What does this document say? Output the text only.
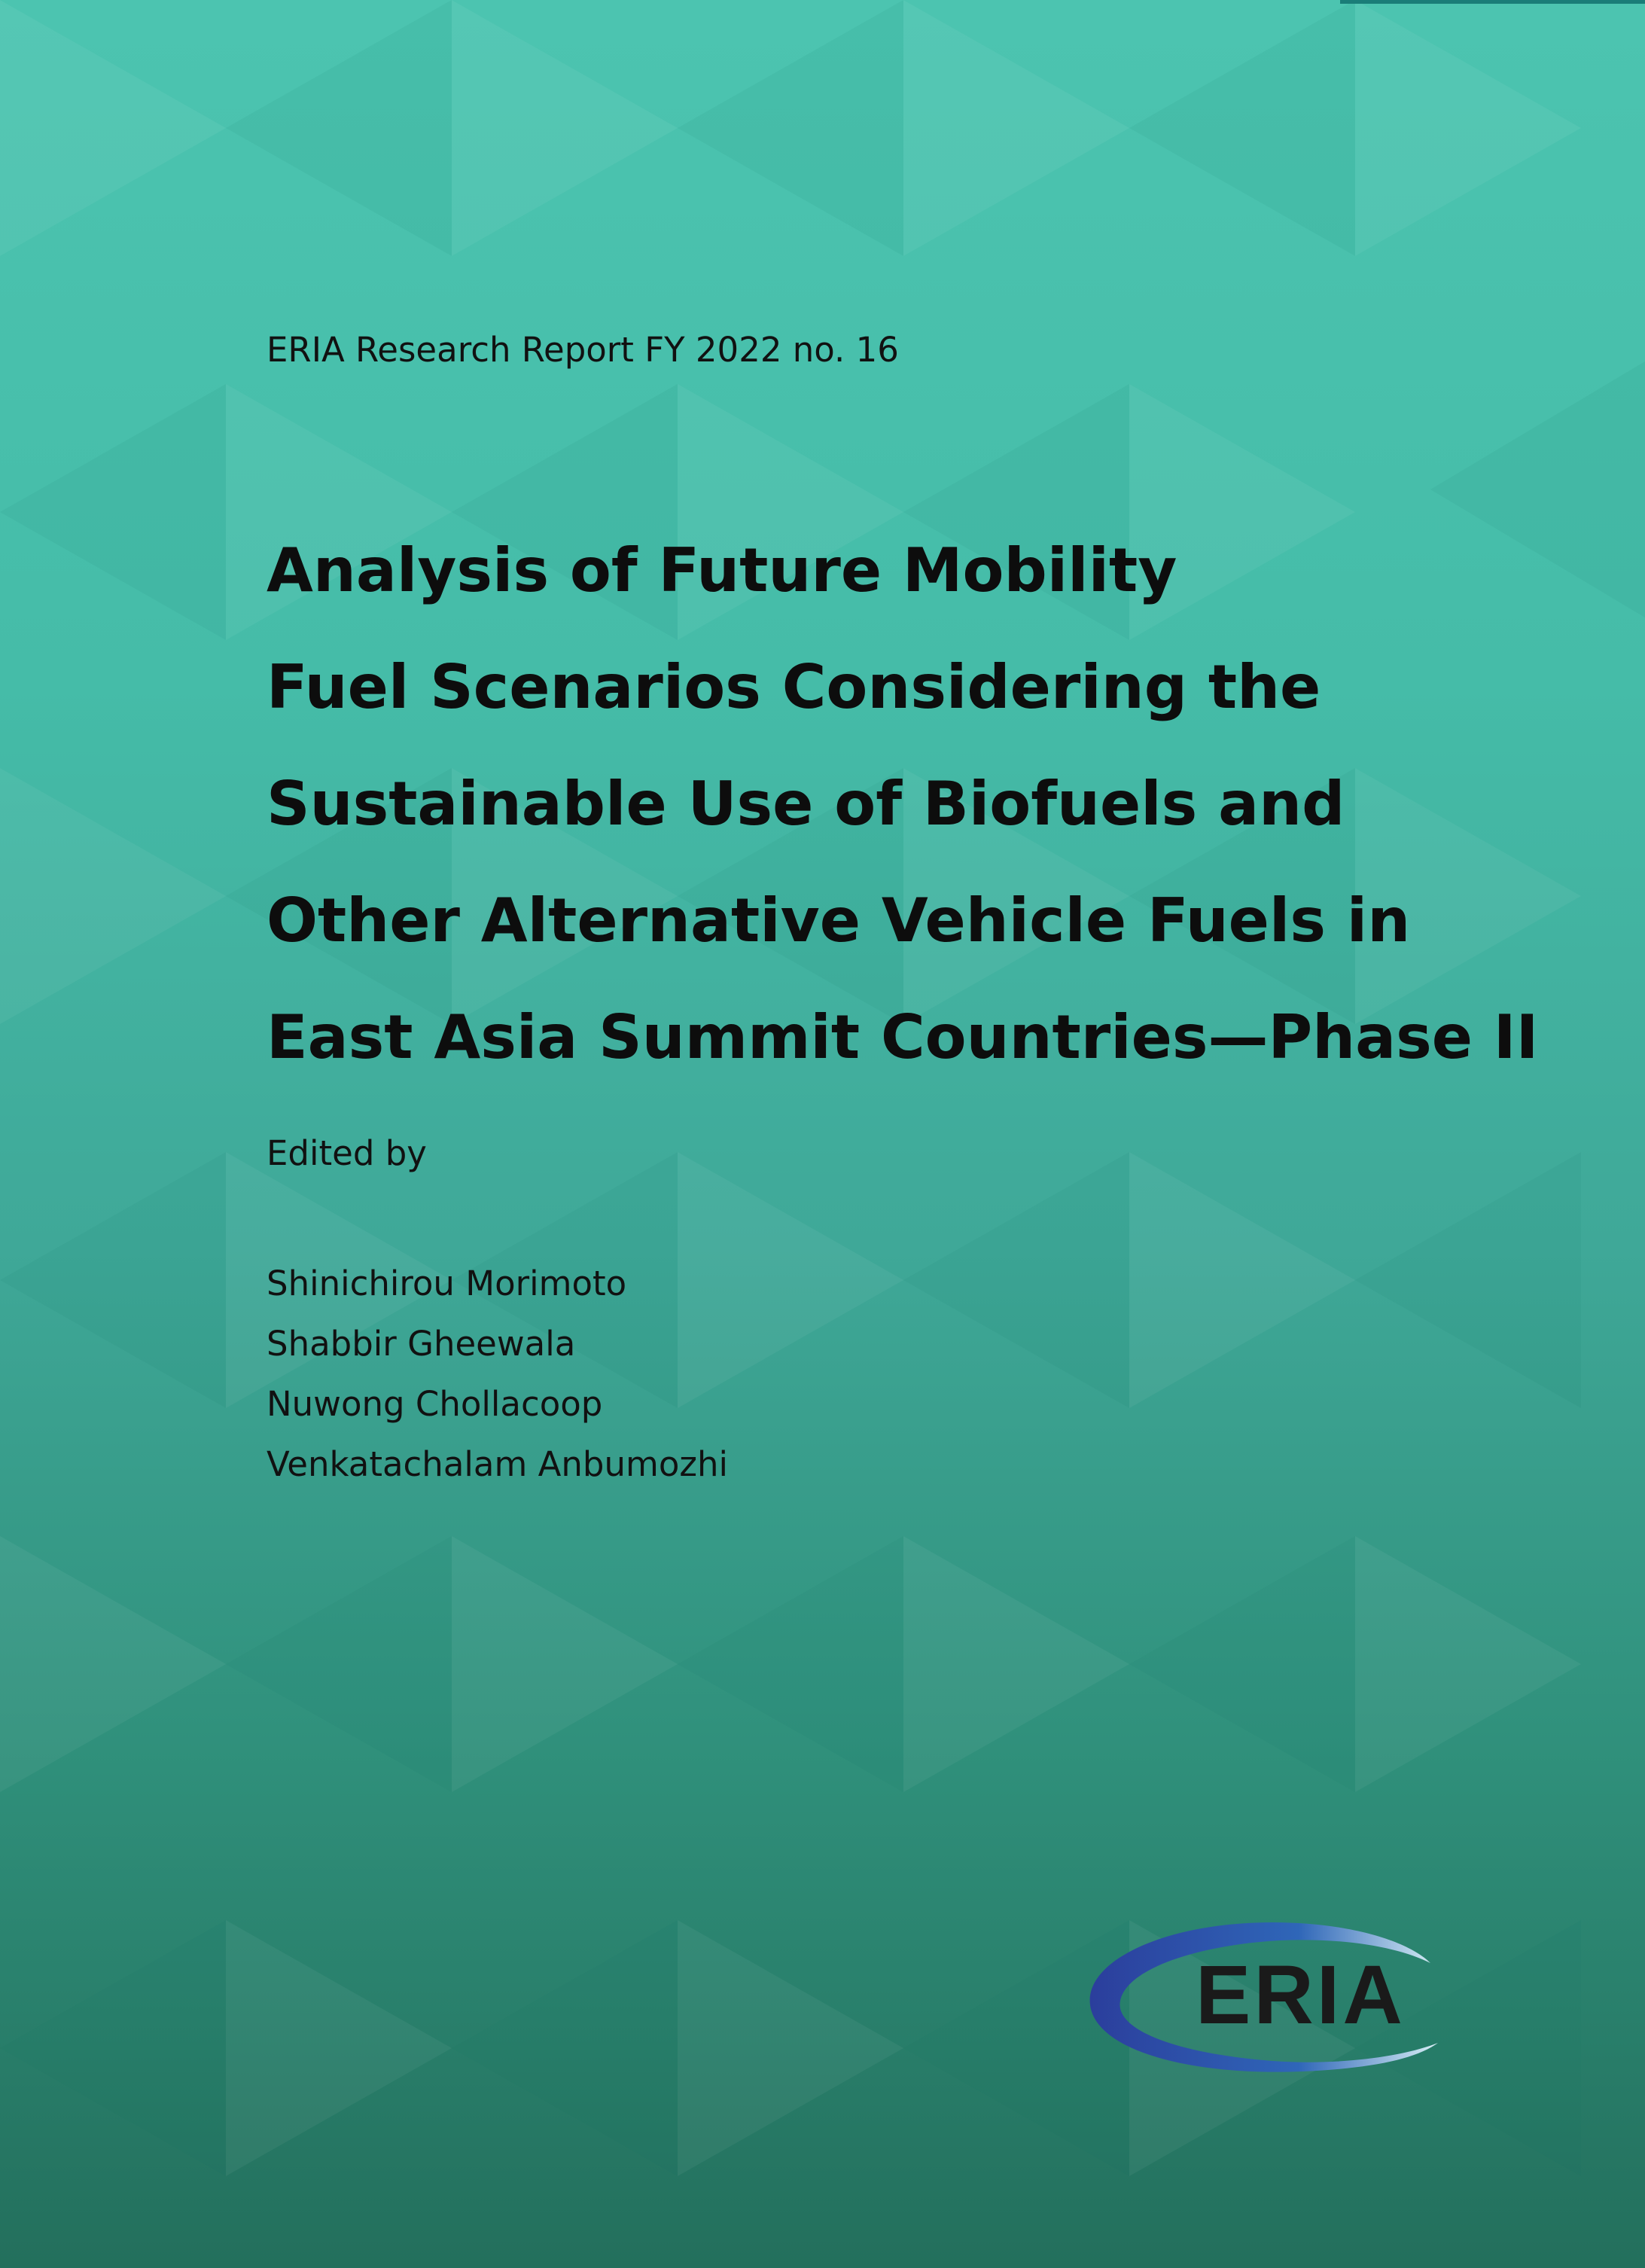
ERIA Research Report FY 2022 no. 16
Analysis of Future Mobility
Fuel Scenarios Considering the
Sustainable Use of Biofuels and
Other Alternative Vehicle Fuels in
East Asia Summit Countries—Phase II
Edited by
Shinichirou Morimoto
Shabbir Gheewala
Nuwong Chollacoop
Venkatachalam Anbumozhi
ERIA
